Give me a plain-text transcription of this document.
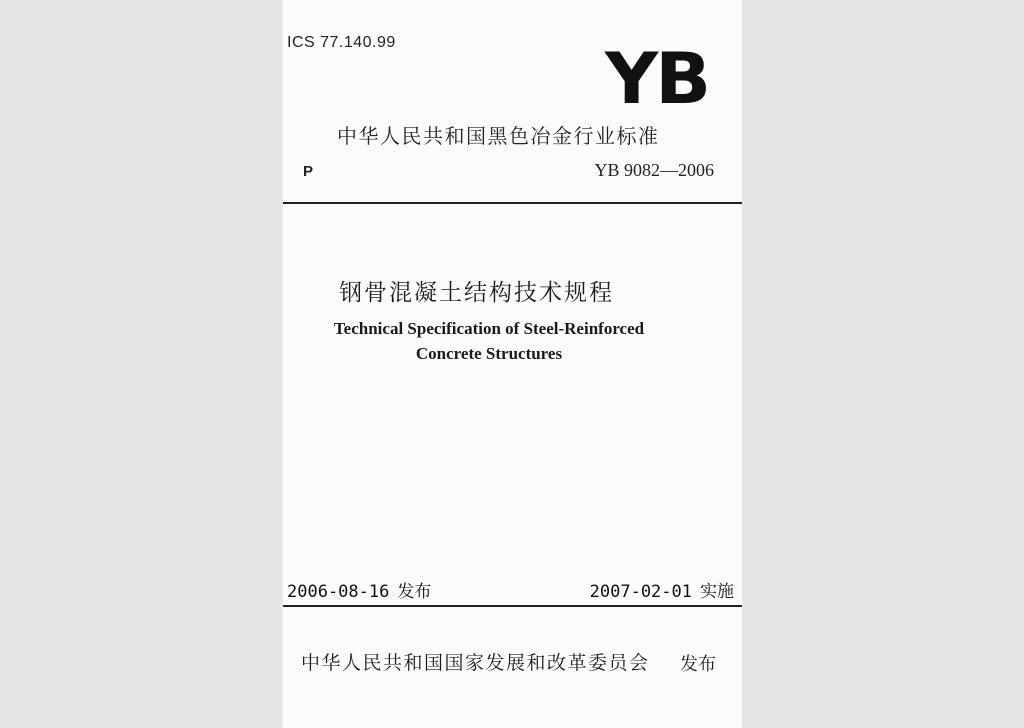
ICS 77.140.99	YB
中华人民共和国黑色冶金行业标准
P	YB 9082—2006
钢骨混凝土结构技术规程
Technical Specification of Steel-Reinforced
Concrete Structures
2006-08-16 发布	2007-02-01 实施
中华人民共和国国家发展和改革委员会 发布
